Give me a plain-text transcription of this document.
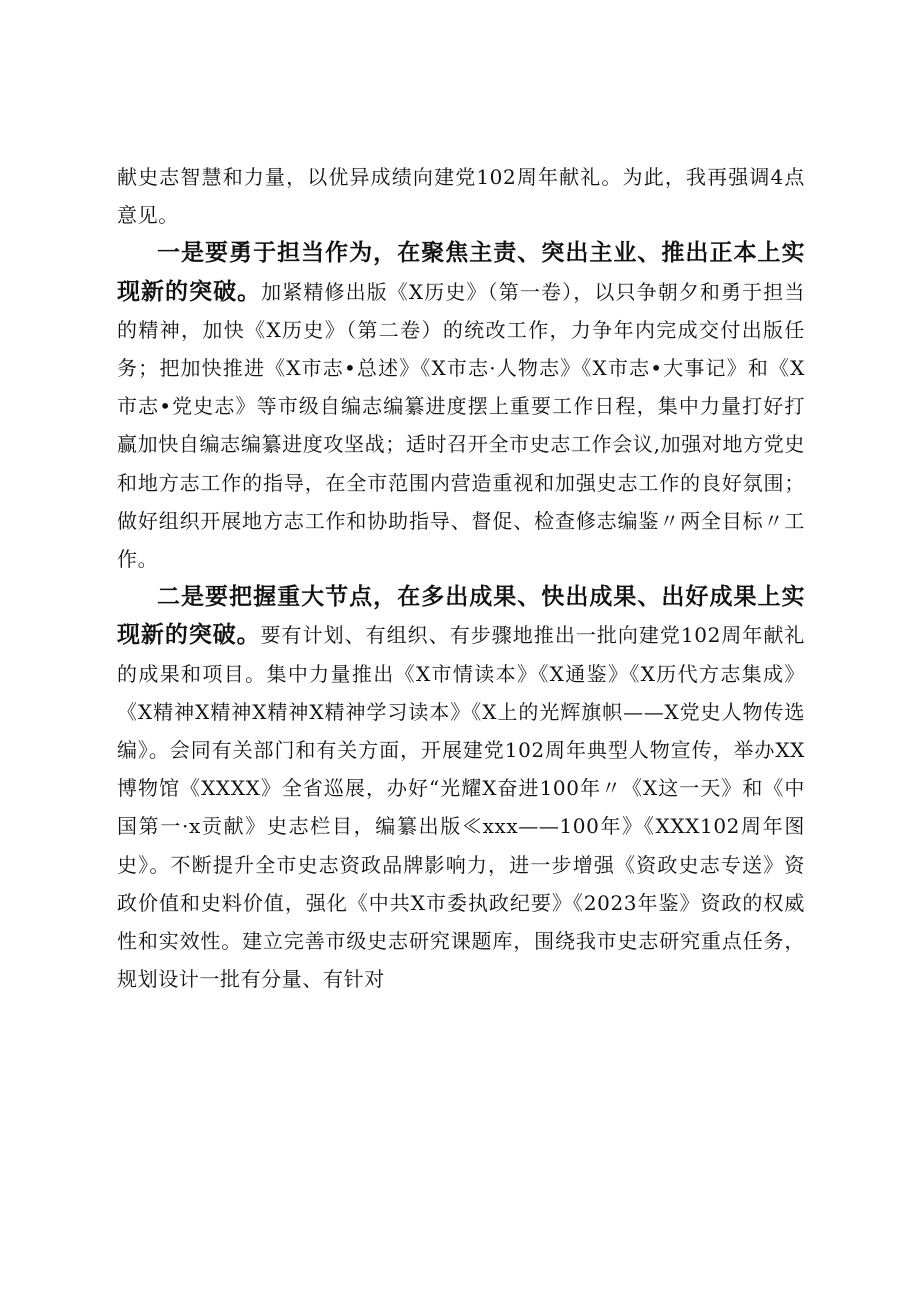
献史志智慧和力量，以优异成绩向建党102周年献礼。为此，我再强调4点意见。

一是要勇于担当作为，在聚焦主责、突出主业、推出正本上实现新的突破。加紧精修出版《X历史》（第一卷），以只争朝夕和勇于担当的精神，加快《X历史》（第二卷）的统改工作，力争年内完成交付出版任务；把加快推进《X市志•总述》《X市志·人物志》《X市志•大事记》和《X市志•党史志》等市级自编志编纂进度摆上重要工作日程，集中力量打好打赢加快自编志编纂进度攻坚战；适时召开全市史志工作会议,加强对地方党史和地方志工作的指导，在全市范围内营造重视和加强史志工作的良好氛围；做好组织开展地方志工作和协助指导、督促、检查修志编鉴〃两全目标〃工作。

二是要把握重大节点，在多出成果、快出成果、出好成果上实现新的突破。要有计划、有组织、有步骤地推出一批向建党102周年献礼的成果和项目。集中力量推出《X市情读本》《X通鉴》《X历代方志集成》《X精神X精神X精神X精神学习读本》《X上的光辉旗帜——X党史人物传选编》。会同有关部门和有关方面，开展建党102周年典型人物宣传，举办XX博物馆《XXXX》全省巡展，办好“光耀X奋进100年〃《X这一天》和《中国第一·x贡献》史志栏目，编纂出版≪xxx——100年》《XXX102周年图史》。不断提升全市史志资政品牌影响力，进一步增强《资政史志专送》资政价值和史料价值，强化《中共X市委执政纪要》《2023年鉴》资政的权威性和实效性。建立完善市级史志研究课题库，围绕我市史志研究重点任务，规划设计一批有分量、有针对
